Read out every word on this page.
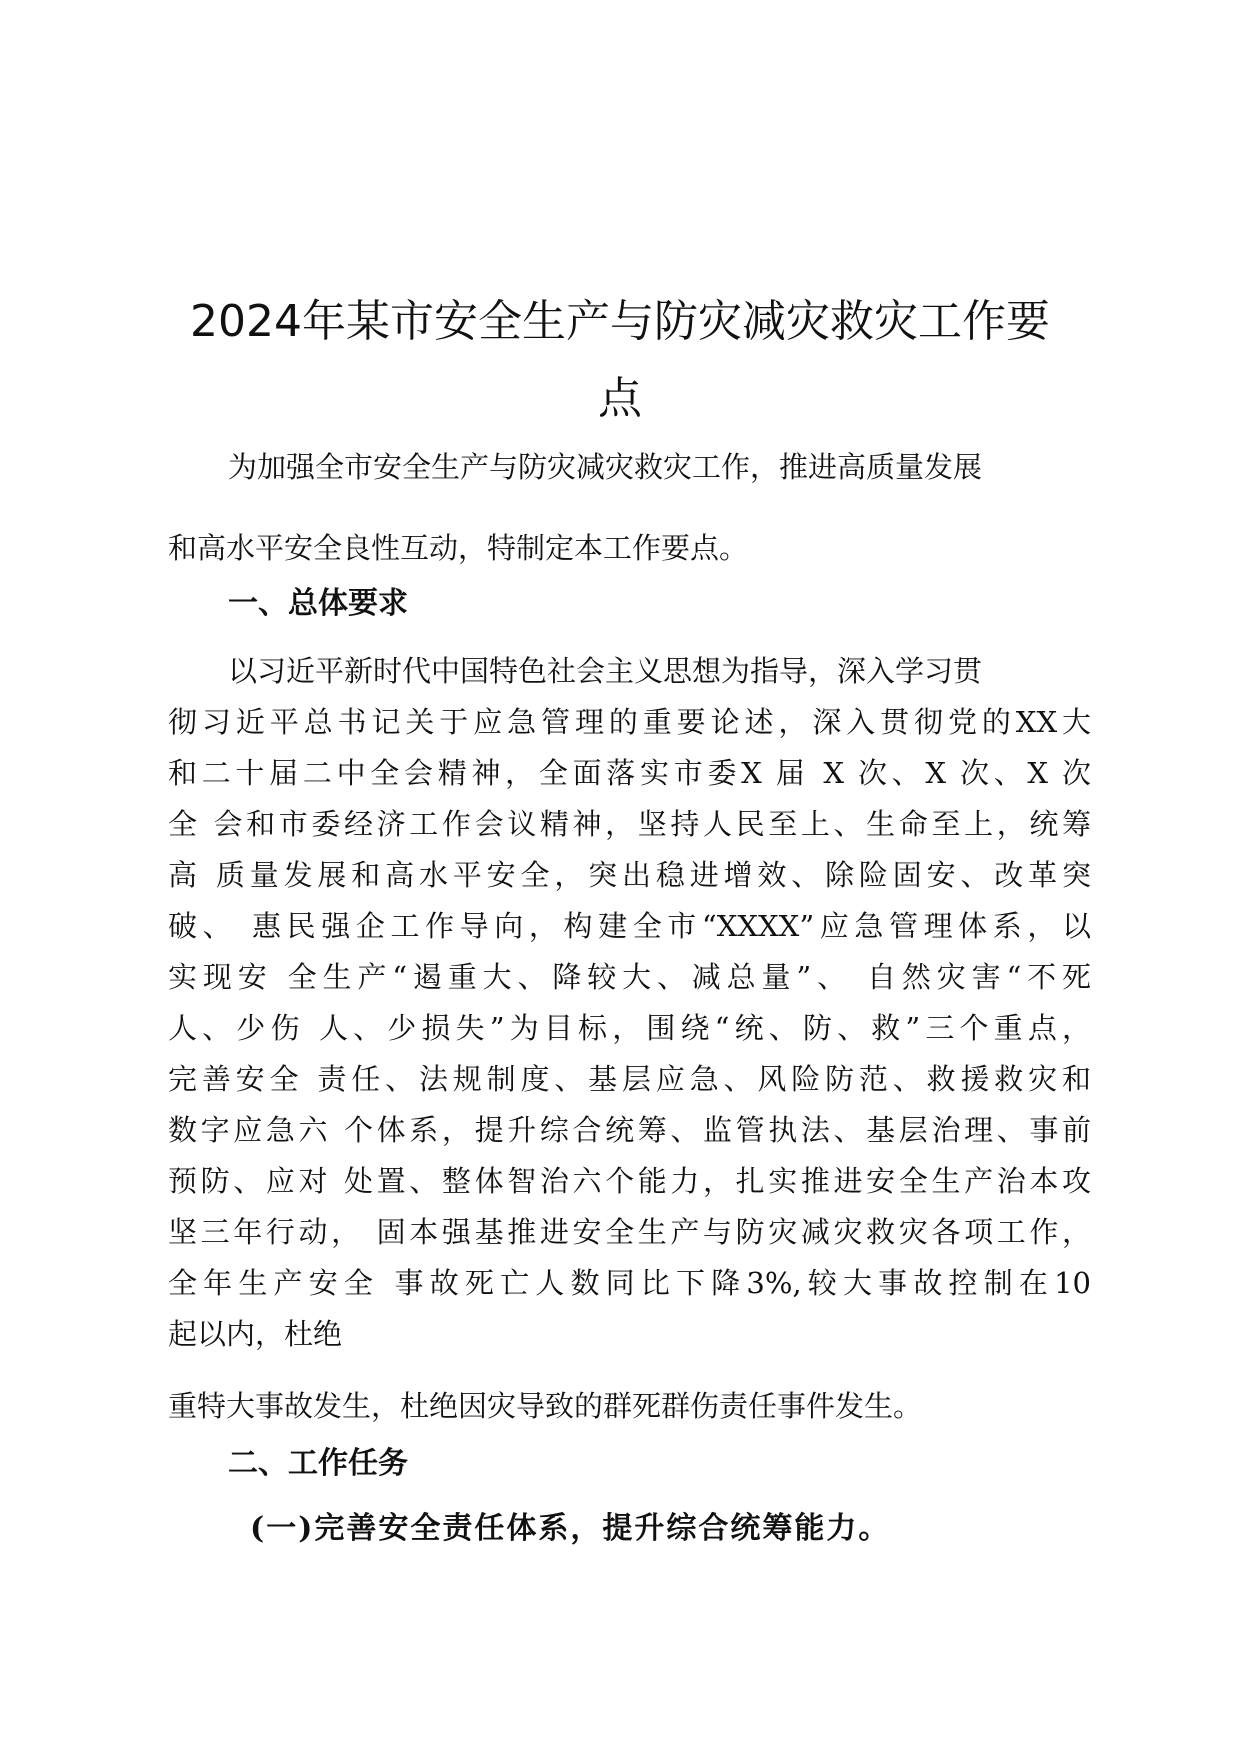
2024年某市安全生产与防灾减灾救灾工作要
点

为加强全市安全生产与防灾减灾救灾工作，推进高质量发展

和高水平安全良性互动，特制定本工作要点。

一、总体要求

以习近平新时代中国特色社会主义思想为指导，深入学习贯

彻习近平总书记关于应急管理的重要论述，深入贯彻党的XX大

和二十届二中全会精神，全面落实市委X 届 X 次、X 次、X 次

全 会和市委经济工作会议精神，坚持人民至上、生命至上，统筹

高 质量发展和高水平安全，突出稳进增效、除险固安、改革突

破、 惠民强企工作导向，构建全市“XXXX”应急管理体系，以

实现安 全生产“遏重大、降较大、减总量”、 自然灾害“不死

人、少伤 人、少损失”为目标，围绕“统、防、救”三个重点，

完善安全 责任、法规制度、基层应急、风险防范、救援救灾和

数字应急六 个体系，提升综合统筹、监管执法、基层治理、事前

预防、应对 处置、整体智治六个能力，扎实推进安全生产治本攻

坚三年行动， 固本强基推进安全生产与防灾减灾救灾各项工作，

全年生产安全 事故死亡人数同比下降3%,较大事故控制在10

起以内，杜绝

重特大事故发生，杜绝因灾导致的群死群伤责任事件发生。

二、工作任务
(一)完善安全责任体系，提升综合统筹能力。
